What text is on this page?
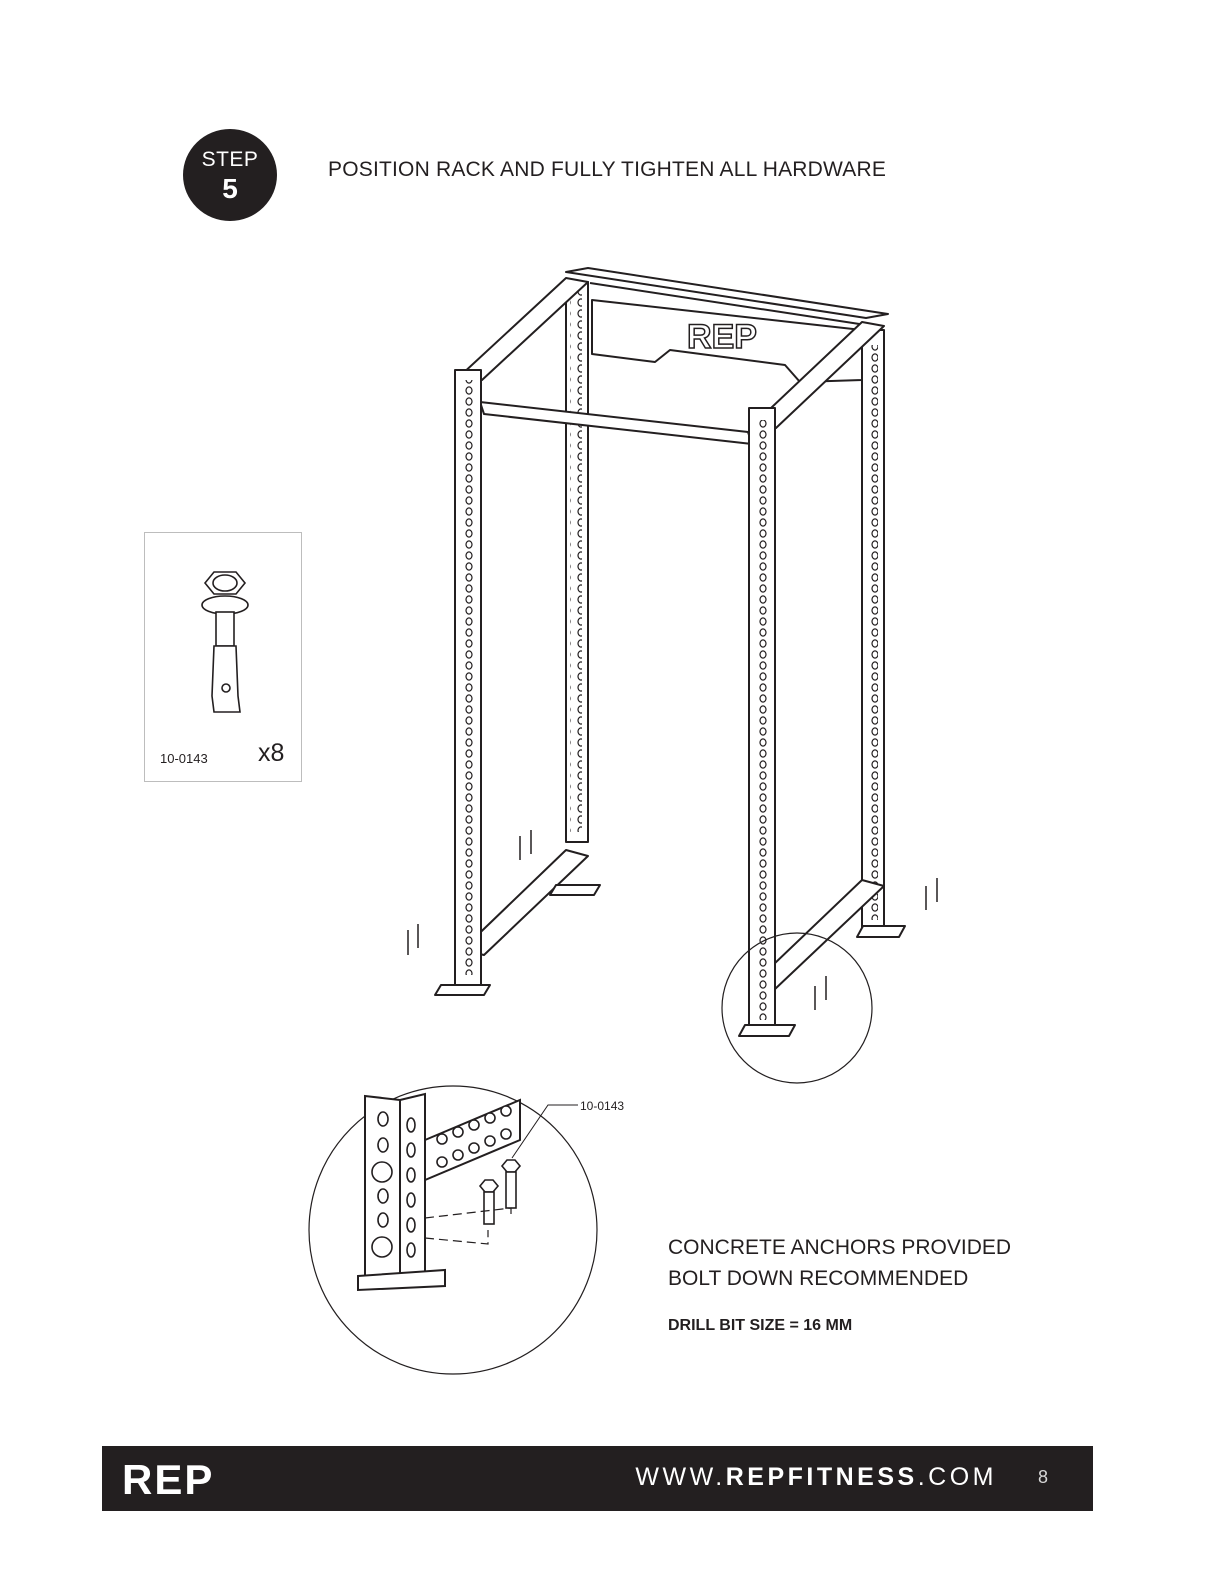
STEP
5
POSITION RACK AND FULLY TIGHTEN ALL HARDWARE
REP
10-0143 x8
10-0143
CONCRETE ANCHORS PROVIDED
BOLT DOWN RECOMMENDED
DRILL BIT SIZE = 16 MM
REP	WWW.REPFITNESS.COM 8
